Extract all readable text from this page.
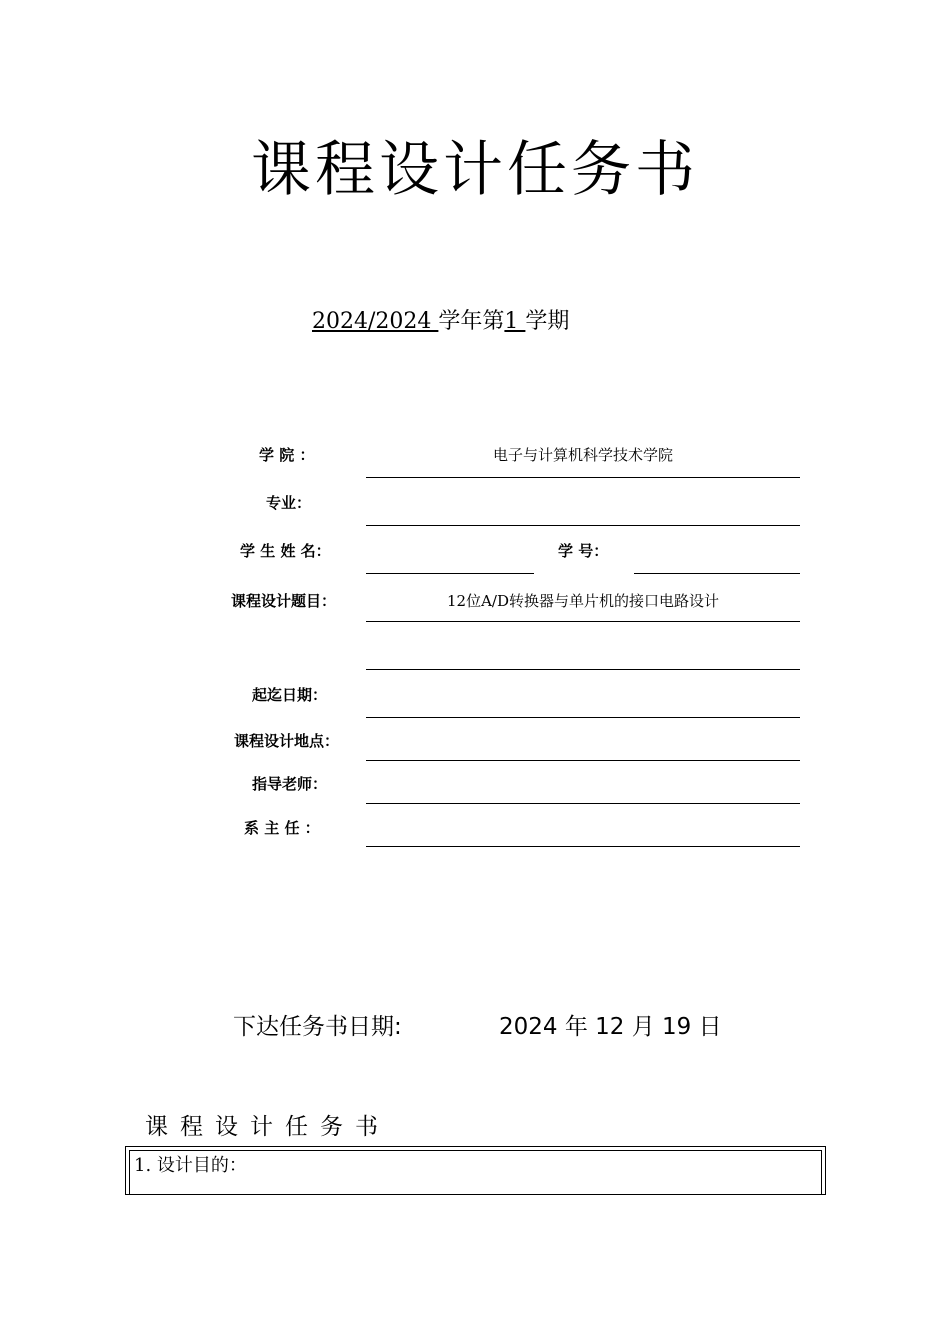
课程设计任务书
2024/2024 学年第1 学期
学 院 ：	电子与计算机科学技术学院
专业：
学 生 姓 名：	学 号：
课程设计题目：	12位A/D转换器与单片机的接口电路设计
起迄日期：
课程设计地点：
指导老师：
系 主 任 ：
下达任务书日期:	2024 年 12 月 19 日
课程设计任务书
1. 设计目的：
